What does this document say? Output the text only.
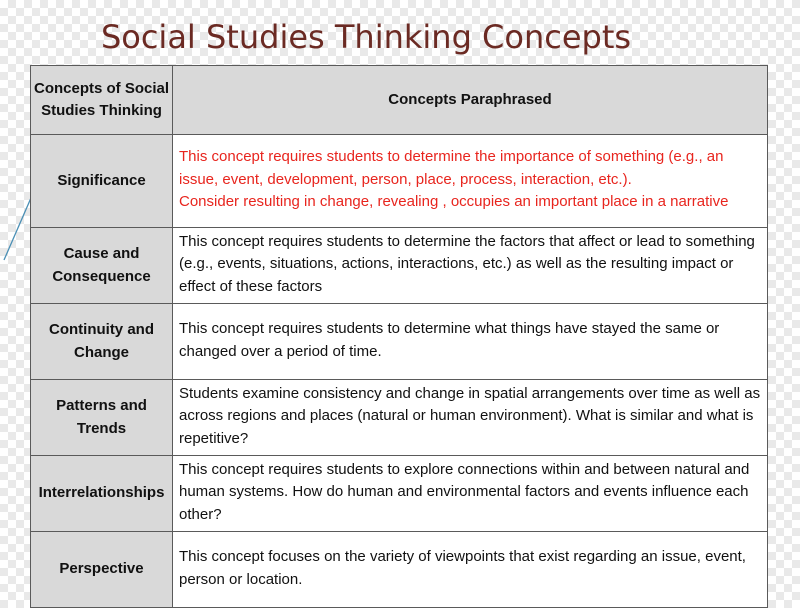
Social Studies Thinking Concepts
Concepts of Social Studies Thinking	Concepts Paraphrased
Significance	This concept requires students to determine the importance of something (e.g., an issue, event, development, person, place, process, interaction, etc.).
Consider resulting in change, revealing , occupies an important place in a narrative

Cause and Consequence	This concept requires students to determine the factors that affect or lead to something (e.g., events, situations, actions, interactions, etc.) as well as the resulting impact or effect of these factors
Continuity and Change	This concept requires students to determine what things have stayed the same or changed over a period of time.
Patterns and Trends	Students examine consistency and change in spatial arrangements over time as well as across regions and places (natural or human environment). What is similar and what is repetitive?
Interrelationships	This concept requires students to explore connections within and between natural and human systems. How do human and environmental factors and events influence each other?
Perspective	This concept focuses on the variety of viewpoints that exist regarding an issue, event, person or location.
